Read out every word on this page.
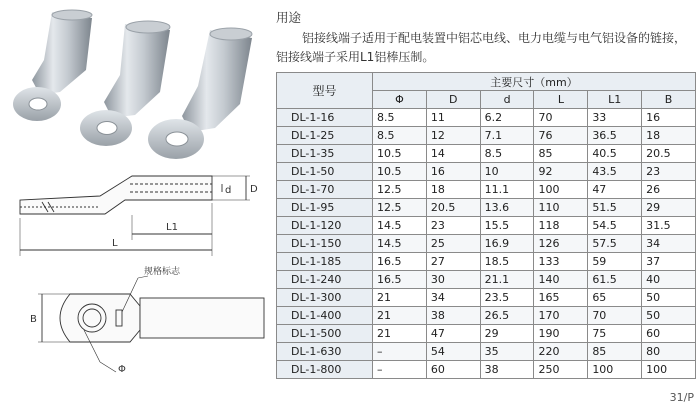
d D
L1
L
规格标志
B
Φ
用途
铝接线端子适用于配电装置中铝芯电线、电力电缆与电气铝设备的链接，铝接线端子采用L1铝棒压制。
型号	主要尺寸（mm）					
	Φ	D	d	L	L1	B
DL-1-16	8.5	11	6.2	70	33	16
DL-1-25	8.5	12	7.1	76	36.5	18
DL-1-35	10.5	14	8.5	85	40.5	20.5
DL-1-50	10.5	16	10	92	43.5	23
DL-1-70	12.5	18	11.1	100	47	26
DL-1-95	12.5	20.5	13.6	110	51.5	29
DL-1-120	14.5	23	15.5	118	54.5	31.5
DL-1-150	14.5	25	16.9	126	57.5	34
DL-1-185	16.5	27	18.5	133	59	37
DL-1-240	16.5	30	21.1	140	61.5	40
DL-1-300	21	34	23.5	165	65	50
DL-1-400	21	38	26.5	170	70	50
DL-1-500	21	47	29	190	75	60
DL-1-630	–	54	35	220	85	80
DL-1-800	–	60	38	250	100	100
31/P
